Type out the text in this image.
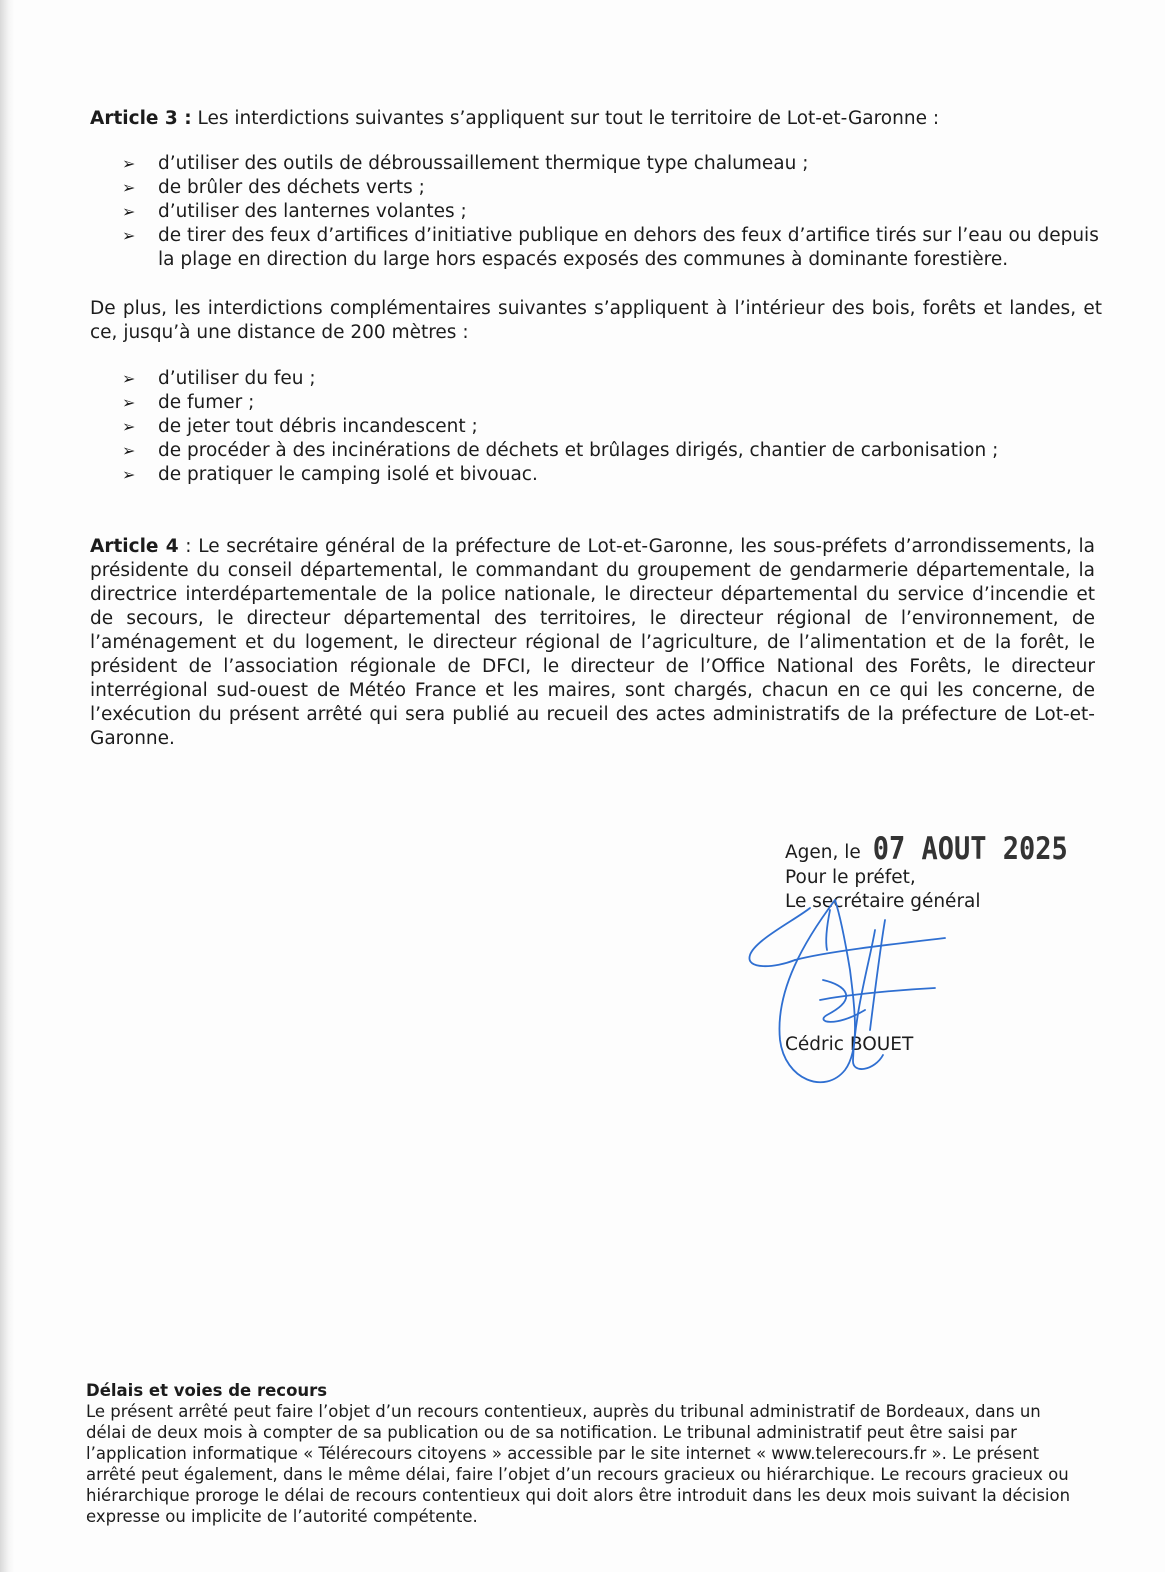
Article 3 : Les interdictions suivantes s’appliquent sur tout le territoire de Lot-et-Garonne :
➢ d’utiliser des outils de débroussaillement thermique type chalumeau ;
➢ de brûler des déchets verts ;
➢ d’utiliser des lanternes volantes ;
➢ de tirer des feux d’artifices d’initiative publique en dehors des feux d’artifice tirés sur l’eau ou depuis la plage en direction du large hors espacés exposés des communes à dominante forestière.
De plus, les interdictions complémentaires suivantes s’appliquent à l’intérieur des bois, forêts et landes, et ce, jusqu’à une distance de 200 mètres :
➢ d’utiliser du feu ;
➢ de fumer ;
➢ de jeter tout débris incandescent ;
➢ de procéder à des incinérations de déchets et brûlages dirigés, chantier de carbonisation ;
➢ de pratiquer le camping isolé et bivouac.
Article 4 : Le secrétaire général de la préfecture de Lot-et-Garonne, les sous-préfets d’arrondissements, la présidente du conseil départemental, le commandant du groupement de gendarmerie départementale, la directrice interdépartementale de la police nationale, le directeur départemental du service d’incendie et de secours, le directeur départemental des territoires, le directeur régional de l’environnement, de l’aménagement et du logement, le directeur régional de l’agriculture, de l’alimentation et de la forêt, le président de l’association régionale de DFCI, le directeur de l’Office National des Forêts, le directeur interrégional sud-ouest de Météo France et les maires, sont chargés, chacun en ce qui les concerne, de l’exécution du présent arrêté qui sera publié au recueil des actes administratifs de la préfecture de Lot-et-Garonne.
Agen, le 07 AOUT 2025
Pour le préfet,
Le secrétaire général
Cédric BOUET
Délais et voies de recours
Le présent arrêté peut faire l’objet d’un recours contentieux, auprès du tribunal administratif de Bordeaux, dans un délai de deux mois à compter de sa publication ou de sa notification. Le tribunal administratif peut être saisi par l’application informatique « Télérecours citoyens » accessible par le site internet « www.telerecours.fr ». Le présent arrêté peut également, dans le même délai, faire l’objet d’un recours gracieux ou hiérarchique. Le recours gracieux ou hiérarchique proroge le délai de recours contentieux qui doit alors être introduit dans les deux mois suivant la décision expresse ou implicite de l’autorité compétente.
